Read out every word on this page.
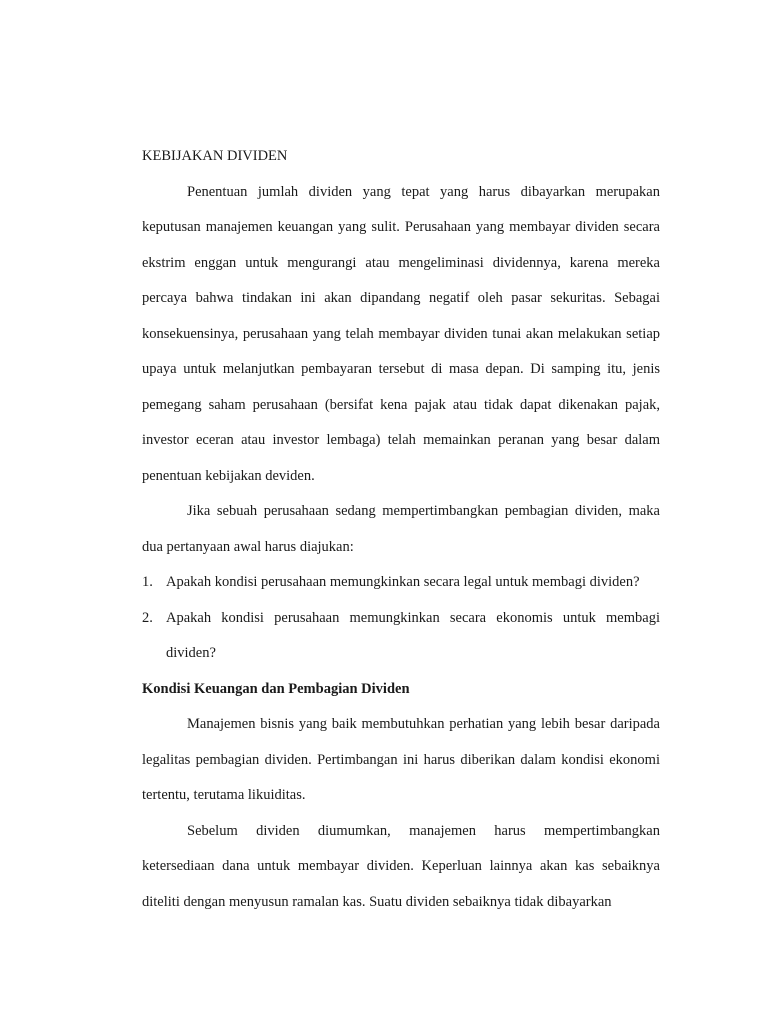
KEBIJAKAN DIVIDEN

Penentuan jumlah dividen yang tepat yang harus dibayarkan merupakan keputusan manajemen keuangan yang sulit. Perusahaan yang membayar dividen secara ekstrim enggan untuk mengurangi atau mengeliminasi dividennya, karena mereka percaya bahwa tindakan ini akan dipandang negatif oleh pasar sekuritas. Sebagai konsekuensinya, perusahaan yang telah membayar dividen tunai akan melakukan setiap upaya untuk melanjutkan pembayaran tersebut di masa depan. Di samping itu, jenis pemegang saham perusahaan (bersifat kena pajak atau tidak dapat dikenakan pajak, investor eceran atau investor lembaga) telah memainkan peranan yang besar dalam penentuan kebijakan deviden.

Jika sebuah perusahaan sedang mempertimbangkan pembagian dividen, maka dua pertanyaan awal harus diajukan:

1. Apakah kondisi perusahaan memungkinkan secara legal untuk membagi dividen?
2. Apakah kondisi perusahaan memungkinkan secara ekonomis untuk membagi dividen?
Kondisi Keuangan dan Pembagian Dividen

Manajemen bisnis yang baik membutuhkan perhatian yang lebih besar daripada legalitas pembagian dividen. Pertimbangan ini harus diberikan dalam kondisi ekonomi tertentu, terutama likuiditas.

Sebelum dividen diumumkan, manajemen harus mempertimbangkan ketersediaan dana untuk membayar dividen. Keperluan lainnya akan kas sebaiknya diteliti dengan menyusun ramalan kas. Suatu dividen sebaiknya tidak dibayarkan
